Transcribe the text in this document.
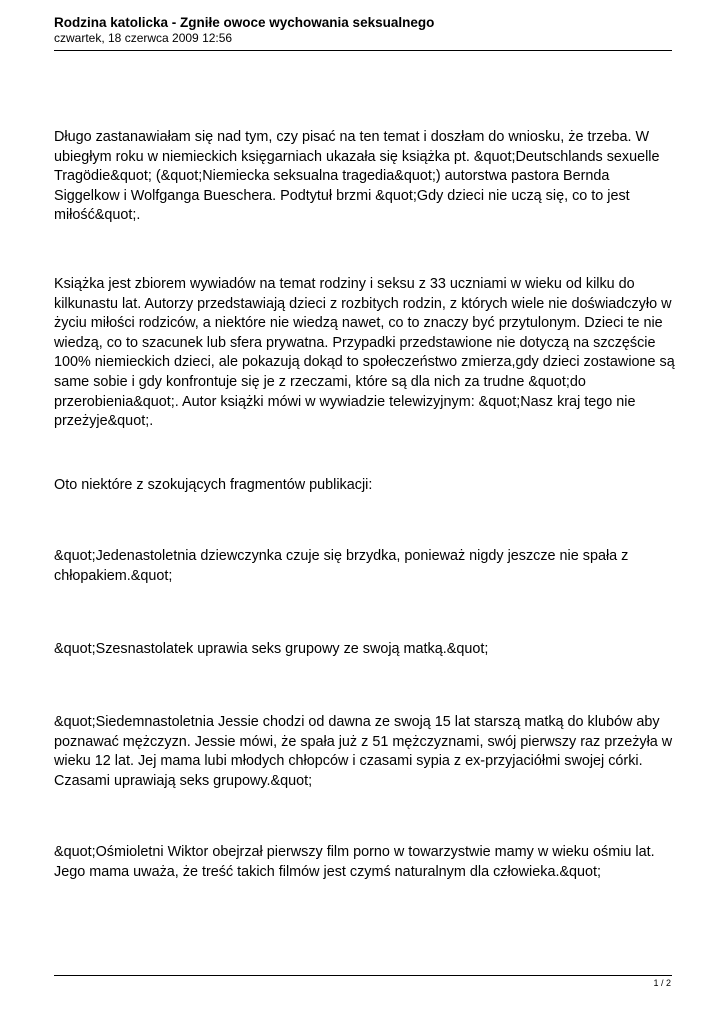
Rodzina katolicka - Zgniłe owoce wychowania seksualnego
czwartek, 18 czerwca 2009 12:56

Długo zastanawiałam się nad tym, czy pisać na ten temat i doszłam do wniosku, że trzeba. W ubiegłym roku w niemieckich księgarniach ukazała się książka pt. &quot;Deutschlands sexuelle Tragödie&quot; (&quot;Niemiecka seksualna tragedia&quot;) autorstwa pastora Bernda Siggelkow i Wolfganga Bueschera. Podtytuł brzmi &quot;Gdy dzieci nie uczą się, co to jest miłość&quot;.

Książka jest zbiorem wywiadów na temat rodziny i seksu z 33 uczniami w wieku od kilku do kilkunastu lat. Autorzy przedstawiają dzieci z rozbitych rodzin, z których wiele nie doświadczyło w życiu miłości rodziców, a niektóre nie wiedzą nawet, co to znaczy być przytulonym. Dzieci te nie wiedzą, co to szacunek lub sfera prywatna. Przypadki przedstawione nie dotyczą na szczęście 100% niemieckich dzieci, ale pokazują dokąd to społeczeństwo zmierza,gdy dzieci zostawione są same sobie i gdy konfrontuje się je z rzeczami, które są dla nich za trudne &quot;do przerobienia&quot;. Autor książki mówi w wywiadzie telewizyjnym: &quot;Nasz kraj tego nie przeżyje&quot;.

Oto niektóre z szokujących fragmentów publikacji:

&quot;Jedenastoletnia dziewczynka czuje się brzydka, ponieważ nigdy jeszcze nie spała z chłopakiem.&quot;

&quot;Szesnastolatek uprawia seks grupowy ze swoją matką.&quot;

&quot;Siedemnastoletnia Jessie chodzi od dawna ze swoją 15 lat starszą matką do klubów aby poznawać mężczyzn. Jessie mówi, że spała już z 51 mężczyznami, swój pierwszy raz przeżyła w wieku 12 lat. Jej mama lubi młodych chłopców i czasami sypia z ex-przyjaciółmi swojej córki. Czasami uprawiają seks grupowy.&quot;

&quot;Ośmioletni Wiktor obejrzał pierwszy film porno w towarzystwie mamy w wieku ośmiu lat. Jego mama uważa, że treść takich filmów jest czymś naturalnym dla człowieka.&quot;

1 / 2
